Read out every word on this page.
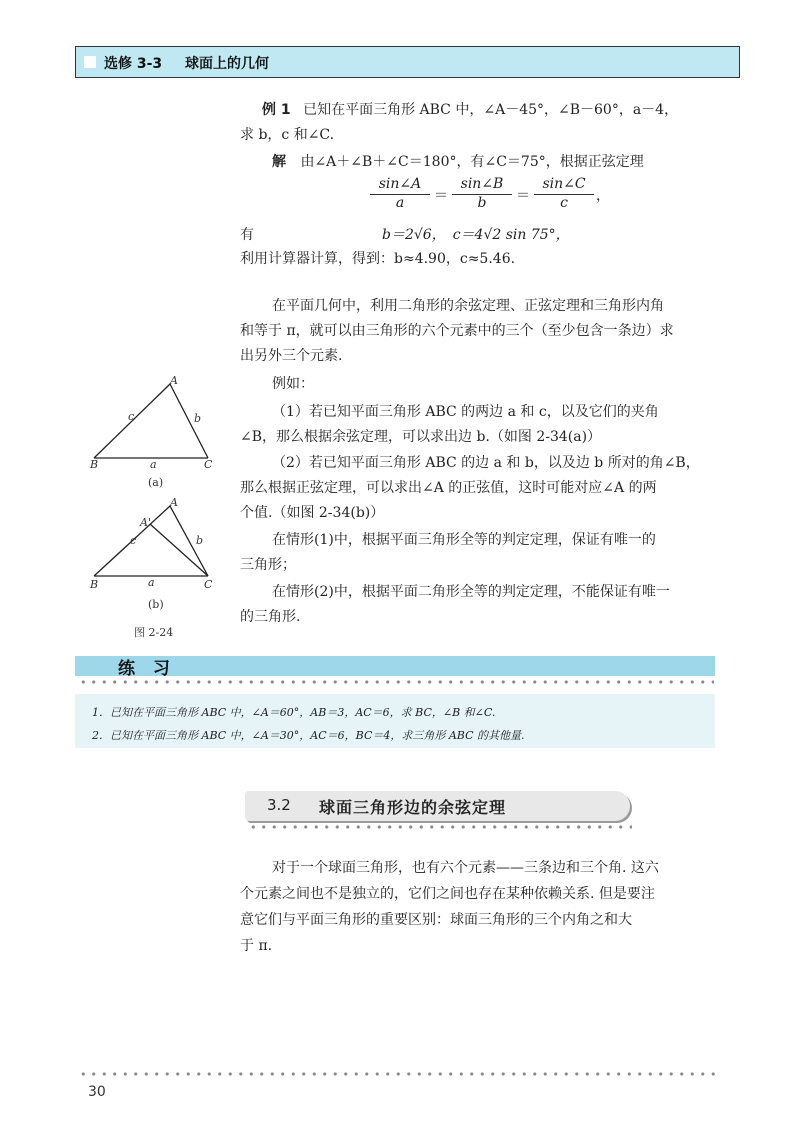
选修 3-3 球面上的几何
例 1 已知在平面三角形 ABC 中，∠A－45°，∠B－60°，a－4，
求 b，c 和∠C.
解 由∠A＋∠B＋∠C＝180°，有∠C＝75°，根据正弦定理
$\frac{\sin\angle A}{a} = \frac{\sin\angle B}{b} = \frac{\sin\angle C}{c}$ ，
有	b＝2√6，　c＝4√2 sin 75°，
利用计算器计算，得到：b≈4.90，c≈5.46.
在平面几何中，利用二角形的余弦定理、正弦定理和三角形内角
和等于 π，就可以由三角形的六个元素中的三个（至少包含一条边）求
出另外三个元素.
例如：
（1）若已知平面三角形 ABC 的两边 a 和 c，以及它们的夹角
∠B，那么根据余弦定理，可以求出边 b.（如图 2-34(a)）
（2）若已知平面三角形 ABC 的边 a 和 b，以及边 b 所对的角∠B，
那么根据正弦定理，可以求出∠A 的正弦值，这时可能对应∠A 的两
个值.（如图 2-34(b)）
在情形(1)中，根据平面三角形全等的判定定理，保证有唯一的
三角形；
在情形(2)中，根据平面二角形全等的判定定理，不能保证有唯一
的三角形.
A
B	C
a
b
c
(a)
A
A'
B	C
a
b
c
(b)
图 2-24
练 习
1．已知在平面三角形 ABC 中，∠A＝60°，AB＝3，AC＝6，求 BC，∠B 和∠C.
2．已知在平面三角形 ABC 中，∠A＝30°，AC＝6，BC＝4，求三角形 ABC 的其他量.
3.2 球面三角形边的余弦定理
对于一个球面三角形，也有六个元素——三条边和三个角. 这六
个元素之间也不是独立的，它们之间也存在某种依赖关系. 但是要注
意它们与平面三角形的重要区别：球面三角形的三个内角之和大
于 π.
30
